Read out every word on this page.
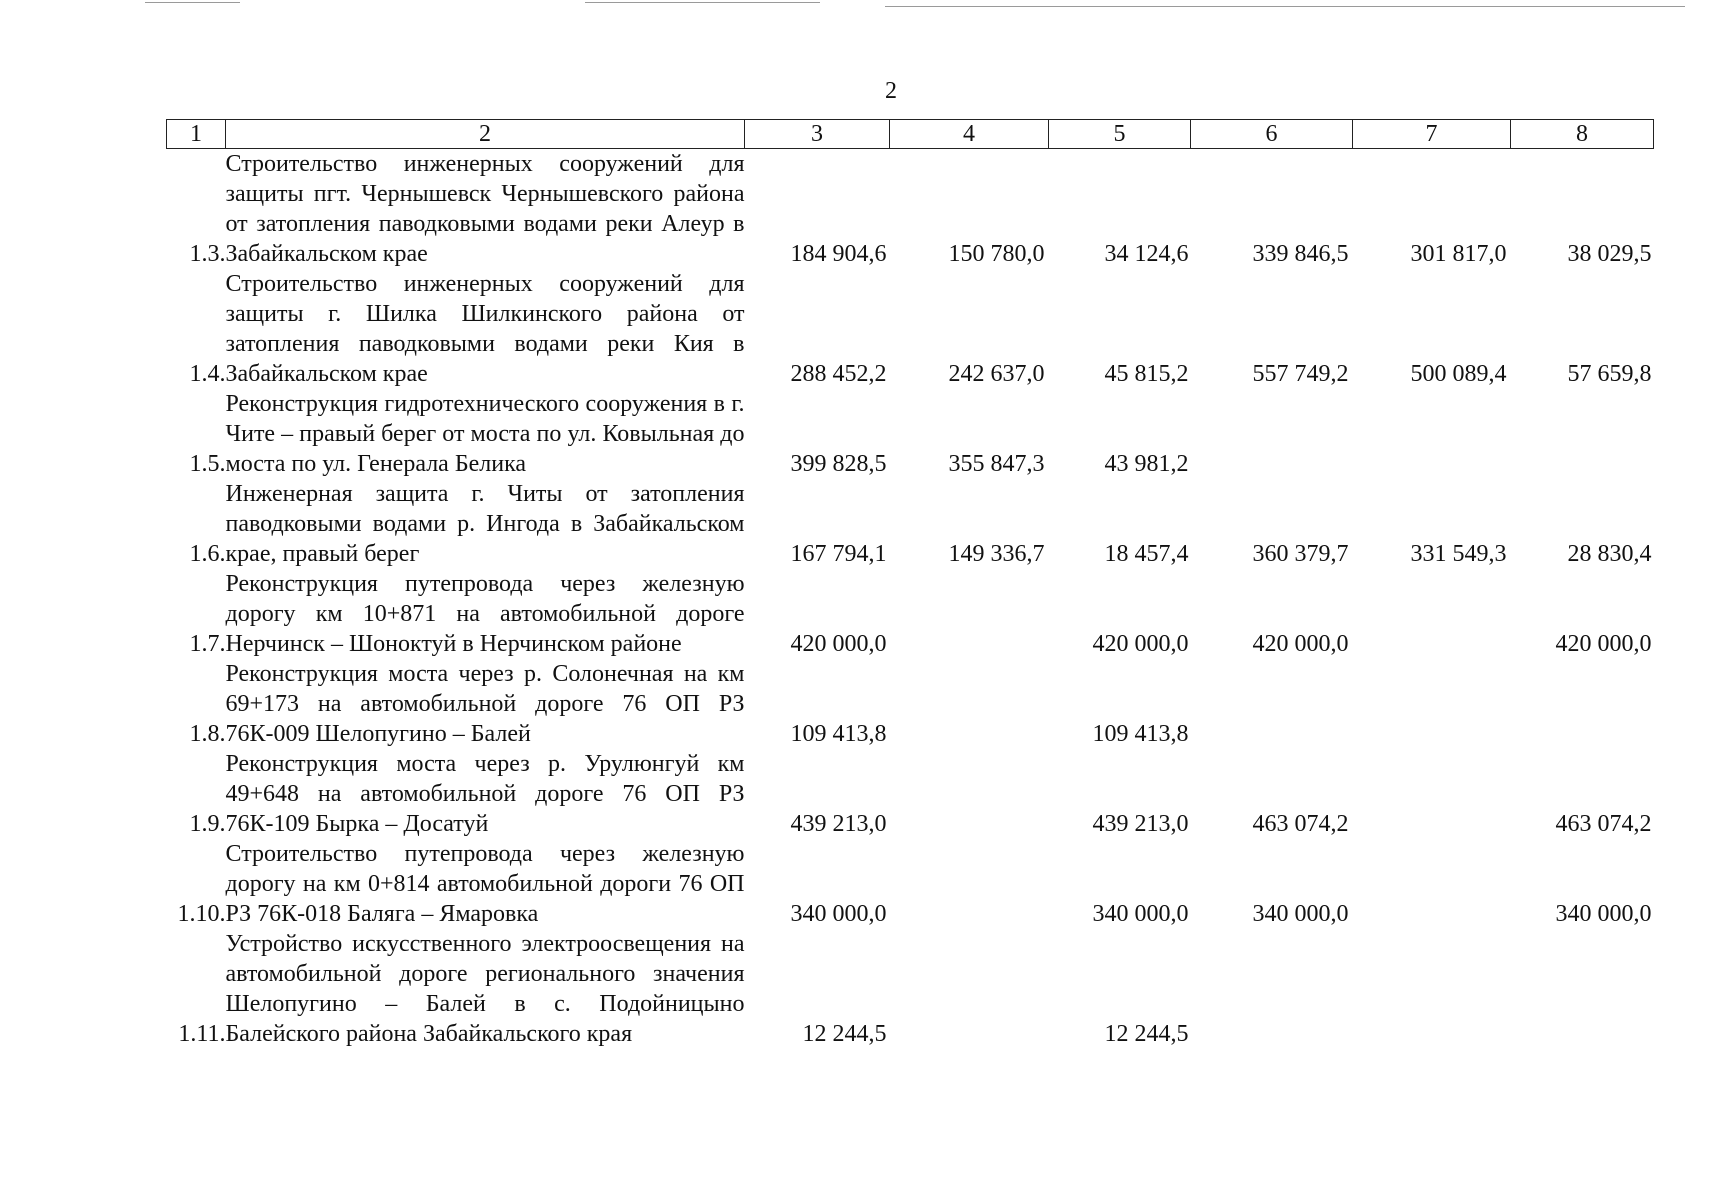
2
1	2	3	4	5	6	7	8
1.3.	Строительство инженерных сооружений для защиты пгт. Чернышевск Чернышевского района от затопления паводковыми водами реки Алеур в Забайкальском крае	184 904,6	150 780,0	34 124,6	339 846,5	301 817,0	38 029,5
1.4.	Строительство инженерных сооружений для защиты г. Шилка Шилкинского района от затопления паводковыми водами реки Кия в Забайкальском крае	288 452,2	242 637,0	45 815,2	557 749,2	500 089,4	57 659,8
1.5.	Реконструкция гидротехнического сооружения в г. Чите – правый берег от моста по ул. Ковыльная до моста по ул. Генерала Белика	399 828,5	355 847,3	43 981,2			
1.6.	Инженерная защита г. Читы от затопления паводковыми водами р. Ингода в Забайкальском крае, правый берег	167 794,1	149 336,7	18 457,4	360 379,7	331 549,3	28 830,4
1.7.	Реконструкция путепровода через железную дорогу км 10+871 на автомобильной дороге Нерчинск – Шоноктуй в Нерчинском районе	420 000,0		420 000,0	420 000,0		420 000,0
1.8.	Реконструкция моста через р. Солонечная на км 69+173 на автомобильной дороге 76 ОП РЗ 76К-009 Шелопугино – Балей	109 413,8		109 413,8			
1.9.	Реконструкция моста через р. Урулюнгуй км 49+648 на автомобильной дороге 76 ОП РЗ 76К-109 Бырка – Досатуй	439 213,0		439 213,0	463 074,2		463 074,2
1.10.	Строительство путепровода через железную дорогу на км 0+814 автомобильной дороги 76 ОП РЗ 76К-018 Баляга – Ямаровка	340 000,0		340 000,0	340 000,0		340 000,0
1.11.	Устройство искусственного электроосвещения на автомобильной дороге регионального значения Шелопугино – Балей в с. Подойницыно Балейского района Забайкальского края	12 244,5		12 244,5			
